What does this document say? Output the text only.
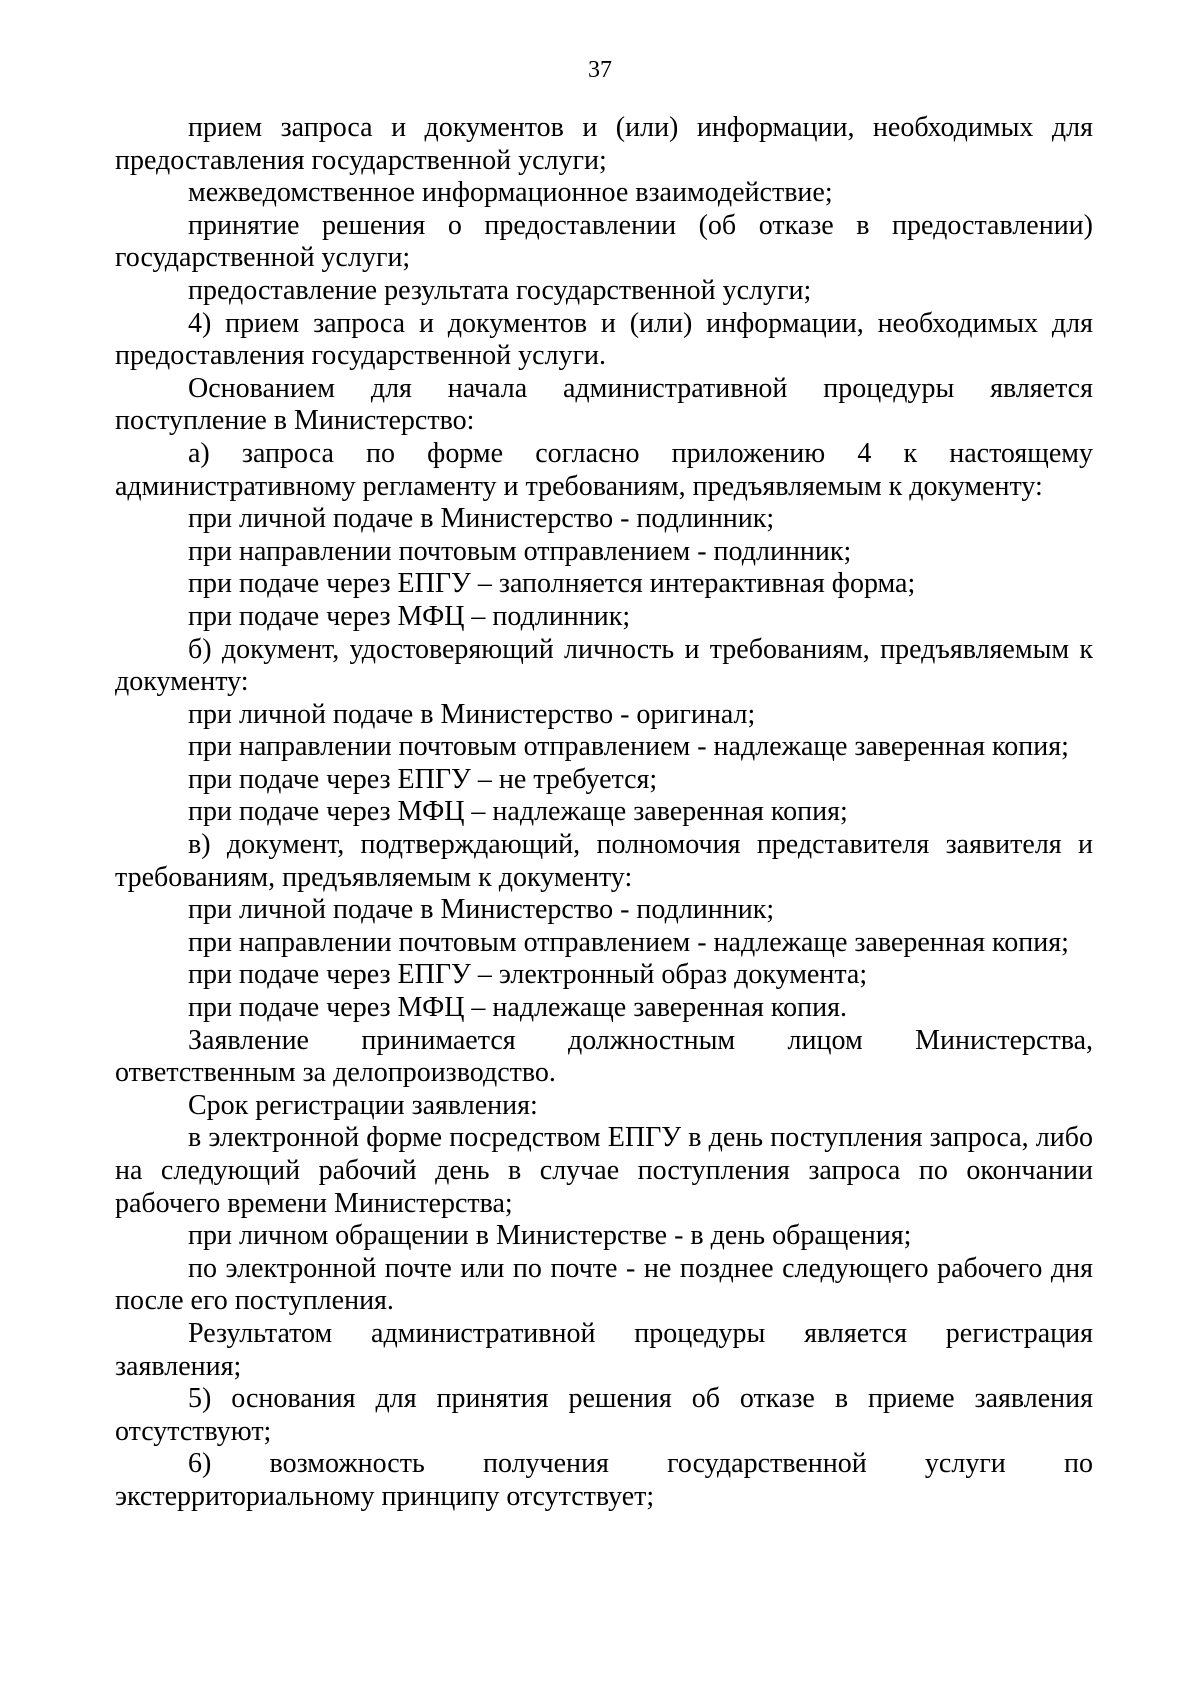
37

прием запроса и документов и (или) информации, необходимых для предоставления государственной услуги;

межведомственное информационное взаимодействие;

принятие решения о предоставлении (об отказе в предоставлении) государственной услуги;

предоставление результата государственной услуги;

4) прием запроса и документов и (или) информации, необходимых для предоставления государственной услуги.

Основанием для начала административной процедуры является поступление в Министерство:

а) запроса по форме согласно приложению 4 к настоящему административному регламенту и требованиям, предъявляемым к документу:

при личной подаче в Министерство - подлинник;

при направлении почтовым отправлением - подлинник;

при подаче через ЕПГУ – заполняется интерактивная форма;

при подаче через МФЦ – подлинник;

б) документ, удостоверяющий личность и требованиям, предъявляемым к документу:

при личной подаче в Министерство - оригинал;

при направлении почтовым отправлением - надлежаще заверенная копия;

при подаче через ЕПГУ – не требуется;

при подаче через МФЦ – надлежаще заверенная копия;

в) документ, подтверждающий, полномочия представителя заявителя и требованиям, предъявляемым к документу:

при личной подаче в Министерство - подлинник;

при направлении почтовым отправлением - надлежаще заверенная копия;

при подаче через ЕПГУ – электронный образ документа;

при подаче через МФЦ – надлежаще заверенная копия.

Заявление принимается должностным лицом Министерства, ответственным за делопроизводство.

Срок регистрации заявления:

в электронной форме посредством ЕПГУ в день поступления запроса, либо на следующий рабочий день в случае поступления запроса по окончании рабочего времени Министерства;

при личном обращении в Министерстве - в день обращения;

по электронной почте или по почте - не позднее следующего рабочего дня после его поступления.

Результатом административной процедуры является регистрация заявления;

5) основания для принятия решения об отказе в приеме заявления отсутствуют;

6) возможность получения государственной услуги по экстерриториальному принципу отсутствует;
